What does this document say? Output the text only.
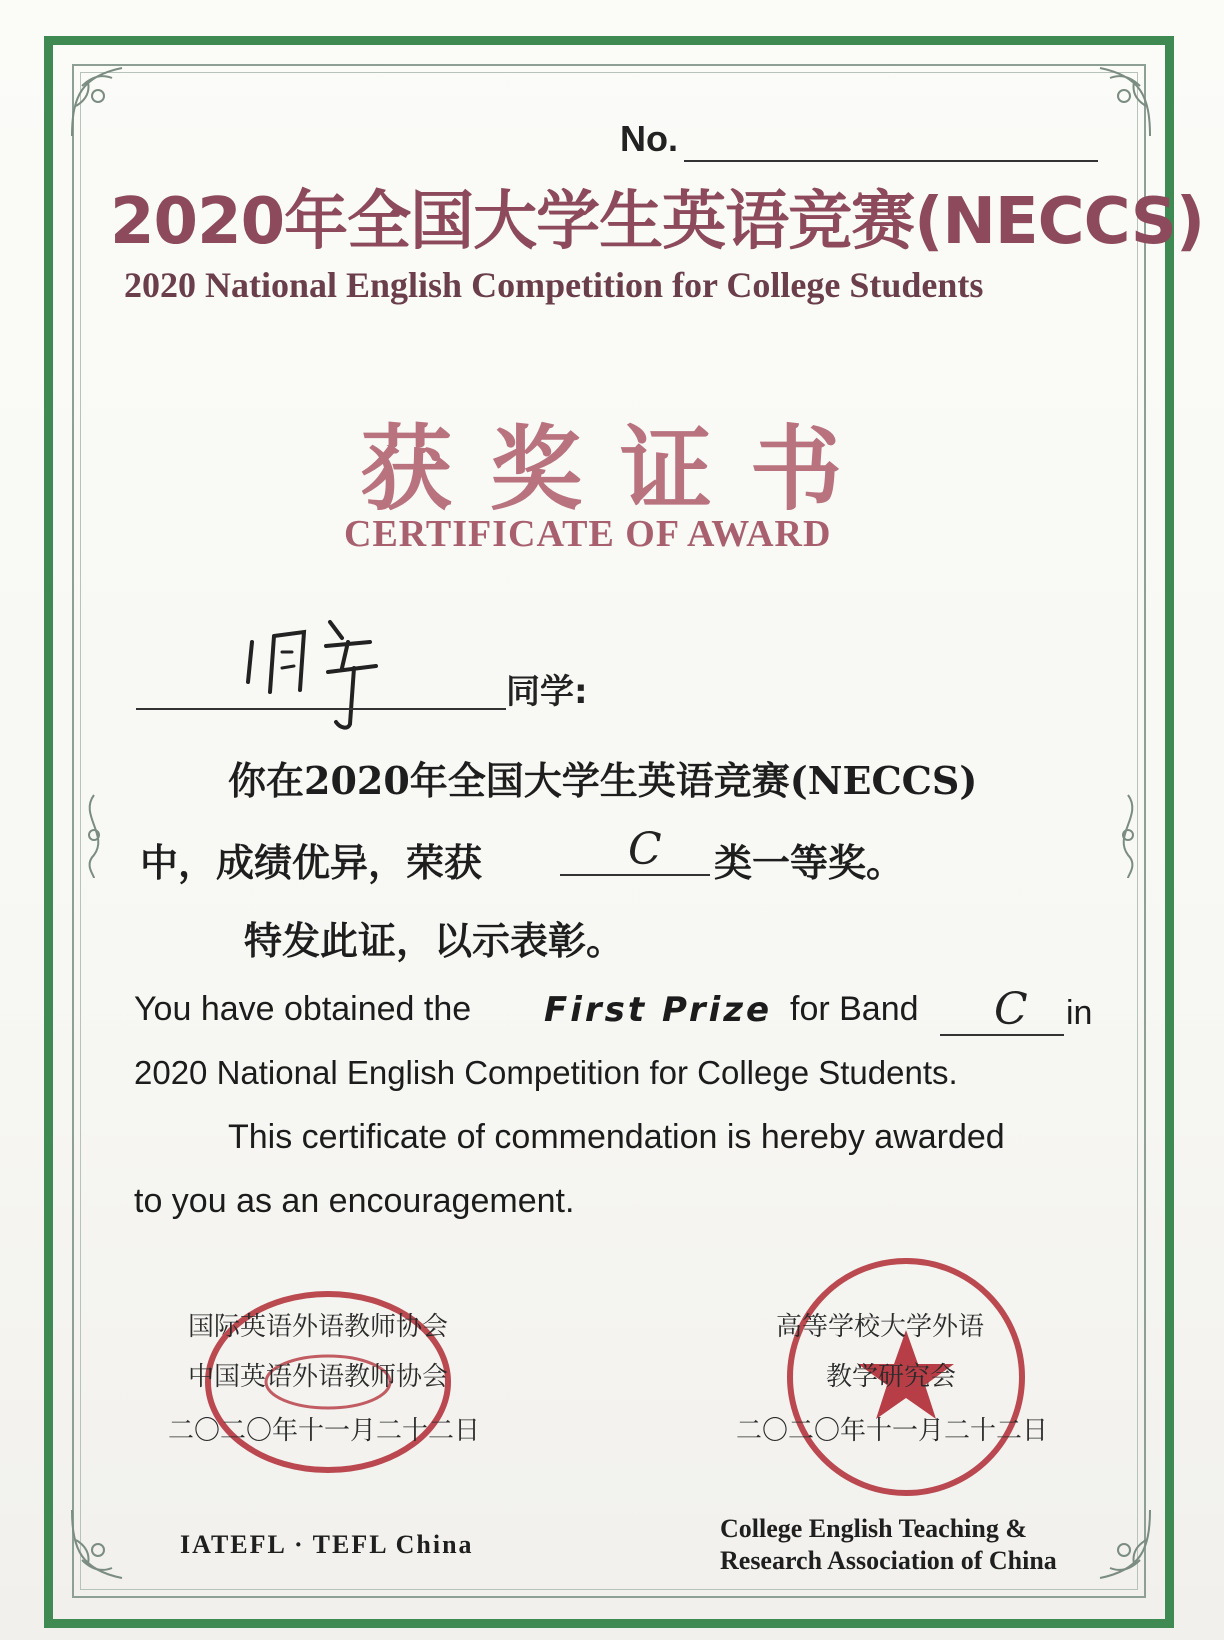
No.
2020年全国大学生英语竞赛(NECCS)
2020 National English Competition for College Students
获奖证书
CERTIFICATE OF AWARD
同学:
你在2020年全国大学生英语竞赛(NECCS)
中，成绩优异，荣获	C 类一等奖。
特发此证，以示表彰。
You have obtained the First Prize for Band C in
2020 National English Competition for College Students.
This certificate of commendation is hereby awarded
to you as an encouragement.
国际英语外语教师协会
中国英语外语教师协会
二〇二〇年十一月二十二日
IATEFL · TEFL China
高等学校大学外语
教学研究会
二〇二〇年十一月二十二日
College English Teaching &
Research Association of China
